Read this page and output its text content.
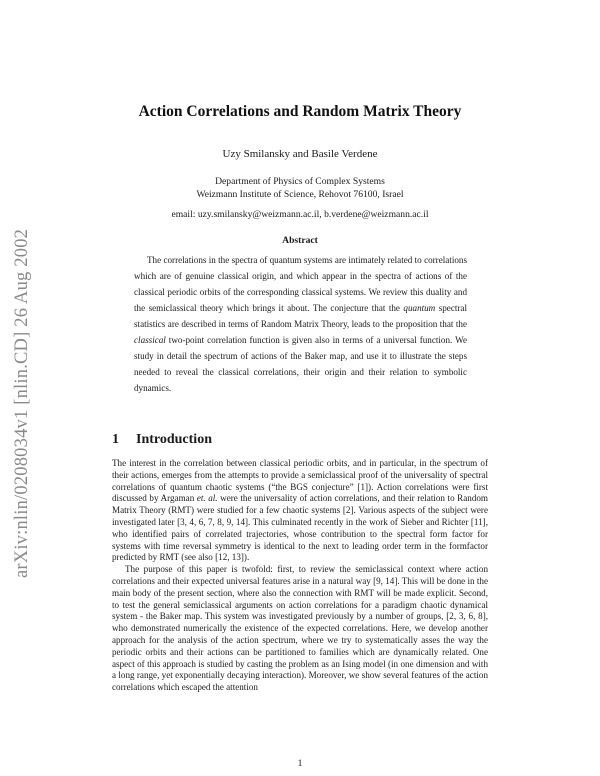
arXiv:nlin/0208034v1 [nlin.CD] 26 Aug 2002
Action Correlations and Random Matrix Theory
Uzy Smilansky and Basile Verdene
Department of Physics of Complex Systems
Weizmann Institute of Science, Rehovot 76100, Israel
email: uzy.smilansky@weizmann.ac.il, b.verdene@weizmann.ac.il
Abstract

The correlations in the spectra of quantum systems are intimately related to correlations which are of genuine classical origin, and which appear in the spectra of actions of the classical periodic orbits of the corresponding classical systems. We review this duality and the semiclassical theory which brings it about. The conjecture that the quantum spectral statistics are described in terms of Random Matrix Theory, leads to the proposition that the classical two-point correlation function is given also in terms of a universal function. We study in detail the spectrum of actions of the Baker map, and use it to illustrate the steps needed to reveal the classical correlations, their origin and their relation to symbolic dynamics.

1 Introduction

The interest in the correlation between classical periodic orbits, and in particular, in the spectrum of their actions, emerges from the attempts to provide a semiclassical proof of the universality of spectral correlations of quantum chaotic systems (“the BGS conjecture” [1]). Action correlations were first discussed by Argaman et. al. were the universality of action correlations, and their relation to Random Matrix Theory (RMT) were studied for a few chaotic systems [2]. Various aspects of the subject were investigated later [3, 4, 6, 7, 8, 9, 14]. This culminated recently in the work of Sieber and Richter [11], who identified pairs of correlated trajectories, whose contribution to the spectral form factor for systems with time reversal symmetry is identical to the next to leading order term in the formfactor predicted by RMT (see also [12, 13]).

The purpose of this paper is twofold: first, to review the semiclassical context where action correlations and their expected universal features arise in a natural way [9, 14]. This will be done in the main body of the present section, where also the connection with RMT will be made explicit. Second, to test the general semiclassical arguments on action correlations for a paradigm chaotic dynamical system - the Baker map. This system was investigated previously by a number of groups, [2, 3, 6, 8], who demonstrated numerically the existence of the expected correlations. Here, we develop another approach for the analysis of the action spectrum, where we try to systematically asses the way the periodic orbits and their actions can be partitioned to families which are dynamically related. One aspect of this approach is studied by casting the problem as an Ising model (in one dimension and with a long range, yet exponentially decaying interaction). Moreover, we show several features of the action correlations which escaped the attention

1
